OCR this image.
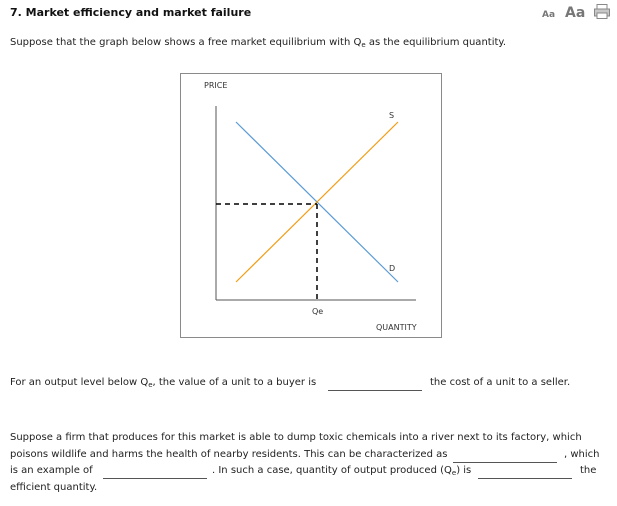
7. Market efficiency and market failure	Aa Aa
Suppose that the graph below shows a free market equilibrium with $Q_e$ as the equilibrium quantity.
PRICE
S
D
Qe
QUANTITY
For an output level below $Q_e$, the value of a unit to a buyer is	the cost of a unit to a seller.
Suppose a firm that produces for this market is able to dump toxic chemicals into a river next to its factory, which
poisons wildlife and harms the health of nearby residents. This can be characterized as	, which
is an example of	. In such a case, quantity of output produced $(Q_e)$ is	the
efficient quantity.
